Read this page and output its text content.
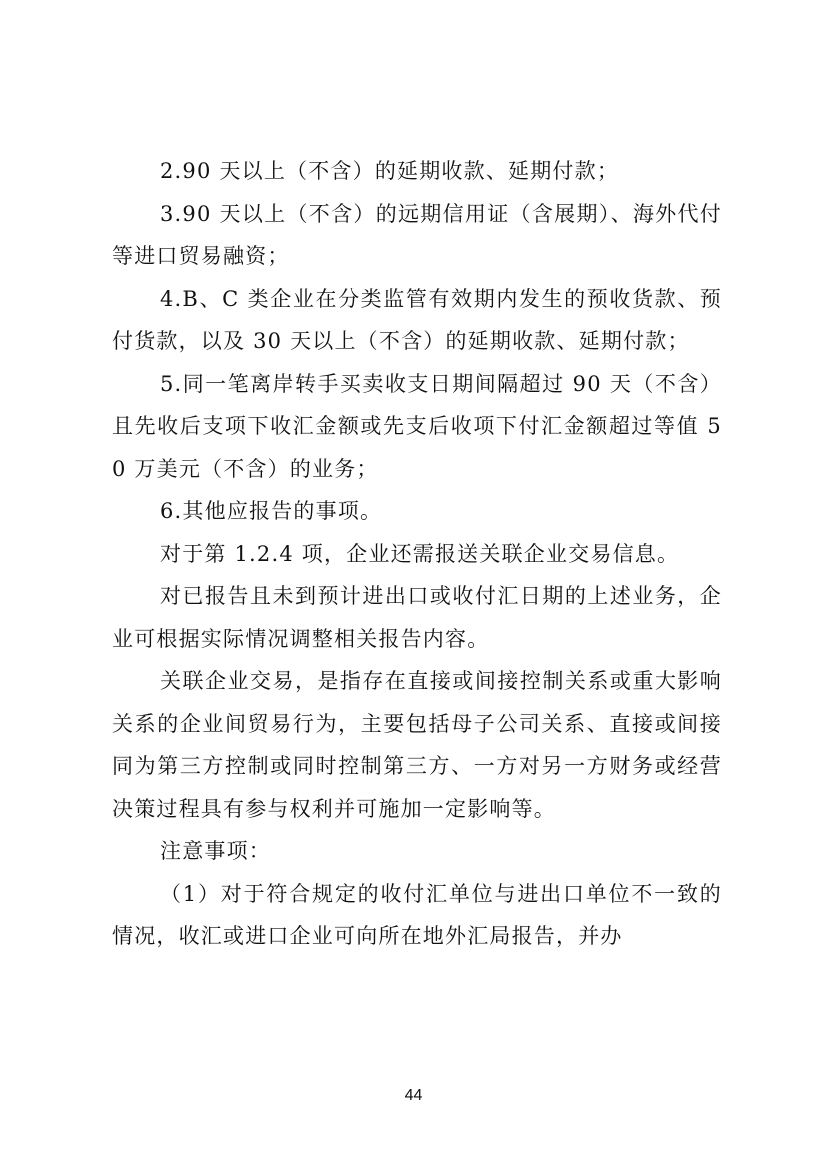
2.90 天以上（不含）的延期收款、延期付款；

3.90 天以上（不含）的远期信用证（含展期）、海外代付等进口贸易融资；

4.B、C 类企业在分类监管有效期内发生的预收货款、预付货款，以及 30 天以上（不含）的延期收款、延期付款；

5.同一笔离岸转手买卖收支日期间隔超过 90 天（不含）且先收后支项下收汇金额或先支后收项下付汇金额超过等值 50 万美元（不含）的业务；

6.其他应报告的事项。

对于第 1.2.4 项，企业还需报送关联企业交易信息。

对已报告且未到预计进出口或收付汇日期的上述业务，企业可根据实际情况调整相关报告内容。

关联企业交易，是指存在直接或间接控制关系或重大影响关系的企业间贸易行为，主要包括母子公司关系、直接或间接同为第三方控制或同时控制第三方、一方对另一方财务或经营决策过程具有参与权利并可施加一定影响等。

注意事项：

（1）对于符合规定的收付汇单位与进出口单位不一致的情况，收汇或进口企业可向所在地外汇局报告，并办

44
